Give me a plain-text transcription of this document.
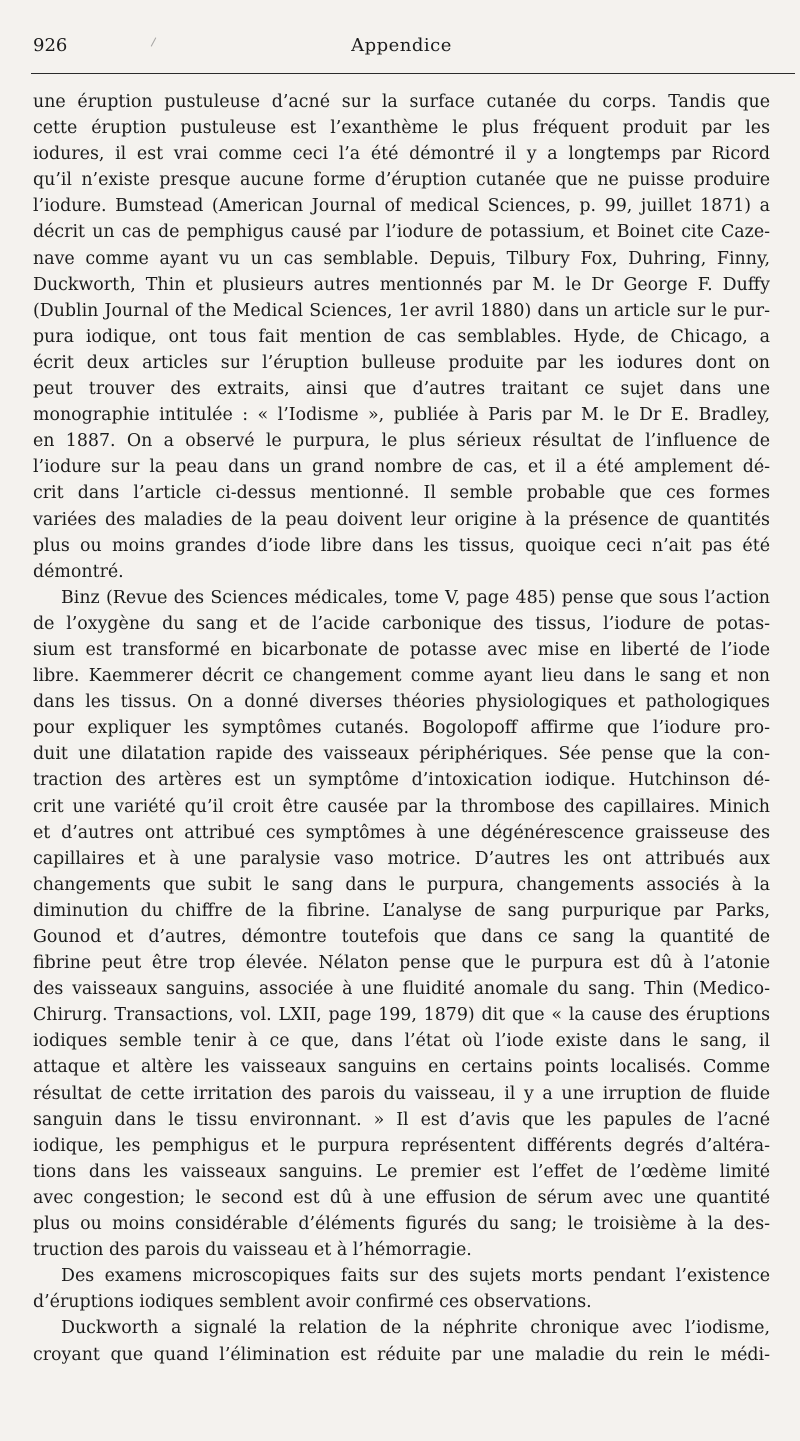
926	Appendice
une éruption pustuleuse d’acné sur la surface cutanée du corps. Tandis que
cette éruption pustuleuse est l’exanthème le plus fréquent produit par les
iodures, il est vrai comme ceci l’a été démontré il y a longtemps par Ricord
qu’il n’existe presque aucune forme d’éruption cutanée que ne puisse produire
l’iodure. Bumstead (American Journal of medical Sciences, p. 99, juillet 1871) a
décrit un cas de pemphigus causé par l’iodure de potassium, et Boinet cite Caze-
nave comme ayant vu un cas semblable. Depuis, Tilbury Fox, Duhring, Finny,
Duckworth, Thin et plusieurs autres mentionnés par M. le Dr George F. Duffy
(Dublin Journal of the Medical Sciences, 1er avril 1880) dans un article sur le pur-
pura iodique, ont tous fait mention de cas semblables. Hyde, de Chicago, a
écrit deux articles sur l’éruption bulleuse produite par les iodures dont on
peut trouver des extraits, ainsi que d’autres traitant ce sujet dans une
monographie intitulée : « l’Iodisme », publiée à Paris par M. le Dr E. Bradley,
en 1887. On a observé le purpura, le plus sérieux résultat de l’influence de
l’iodure sur la peau dans un grand nombre de cas, et il a été amplement dé-
crit dans l’article ci-dessus mentionné. Il semble probable que ces formes
variées des maladies de la peau doivent leur origine à la présence de quantités
plus ou moins grandes d’iode libre dans les tissus, quoique ceci n’ait pas été
démontré.
Binz (Revue des Sciences médicales, tome V, page 485) pense que sous l’action
de l’oxygène du sang et de l’acide carbonique des tissus, l’iodure de potas-
sium est transformé en bicarbonate de potasse avec mise en liberté de l’iode
libre. Kaemmerer décrit ce changement comme ayant lieu dans le sang et non
dans les tissus. On a donné diverses théories physiologiques et pathologiques
pour expliquer les symptômes cutanés. Bogolopoff affirme que l’iodure pro-
duit une dilatation rapide des vaisseaux périphériques. Sée pense que la con-
traction des artères est un symptôme d’intoxication iodique. Hutchinson dé-
crit une variété qu’il croit être causée par la thrombose des capillaires. Minich
et d’autres ont attribué ces symptômes à une dégénérescence graisseuse des
capillaires et à une paralysie vaso motrice. D’autres les ont attribués aux
changements que subit le sang dans le purpura, changements associés à la
diminution du chiffre de la fibrine. L’analyse de sang purpurique par Parks,
Gounod et d’autres, démontre toutefois que dans ce sang la quantité de
fibrine peut être trop élevée. Nélaton pense que le purpura est dû à l’atonie
des vaisseaux sanguins, associée à une fluidité anomale du sang. Thin (Medico-
Chirurg. Transactions, vol. LXII, page 199, 1879) dit que « la cause des éruptions
iodiques semble tenir à ce que, dans l’état où l’iode existe dans le sang, il
attaque et altère les vaisseaux sanguins en certains points localisés. Comme
résultat de cette irritation des parois du vaisseau, il y a une irruption de fluide
sanguin dans le tissu environnant. » Il est d’avis que les papules de l’acné
iodique, les pemphigus et le purpura représentent différents degrés d’altéra-
tions dans les vaisseaux sanguins. Le premier est l’effet de l’œdème limité
avec congestion; le second est dû à une effusion de sérum avec une quantité
plus ou moins considérable d’éléments figurés du sang; le troisième à la des-
truction des parois du vaisseau et à l’hémorragie.
Des examens microscopiques faits sur des sujets morts pendant l’existence
d’éruptions iodiques semblent avoir confirmé ces observations.
Duckworth a signalé la relation de la néphrite chronique avec l’iodisme,
croyant que quand l’élimination est réduite par une maladie du rein le médi-
